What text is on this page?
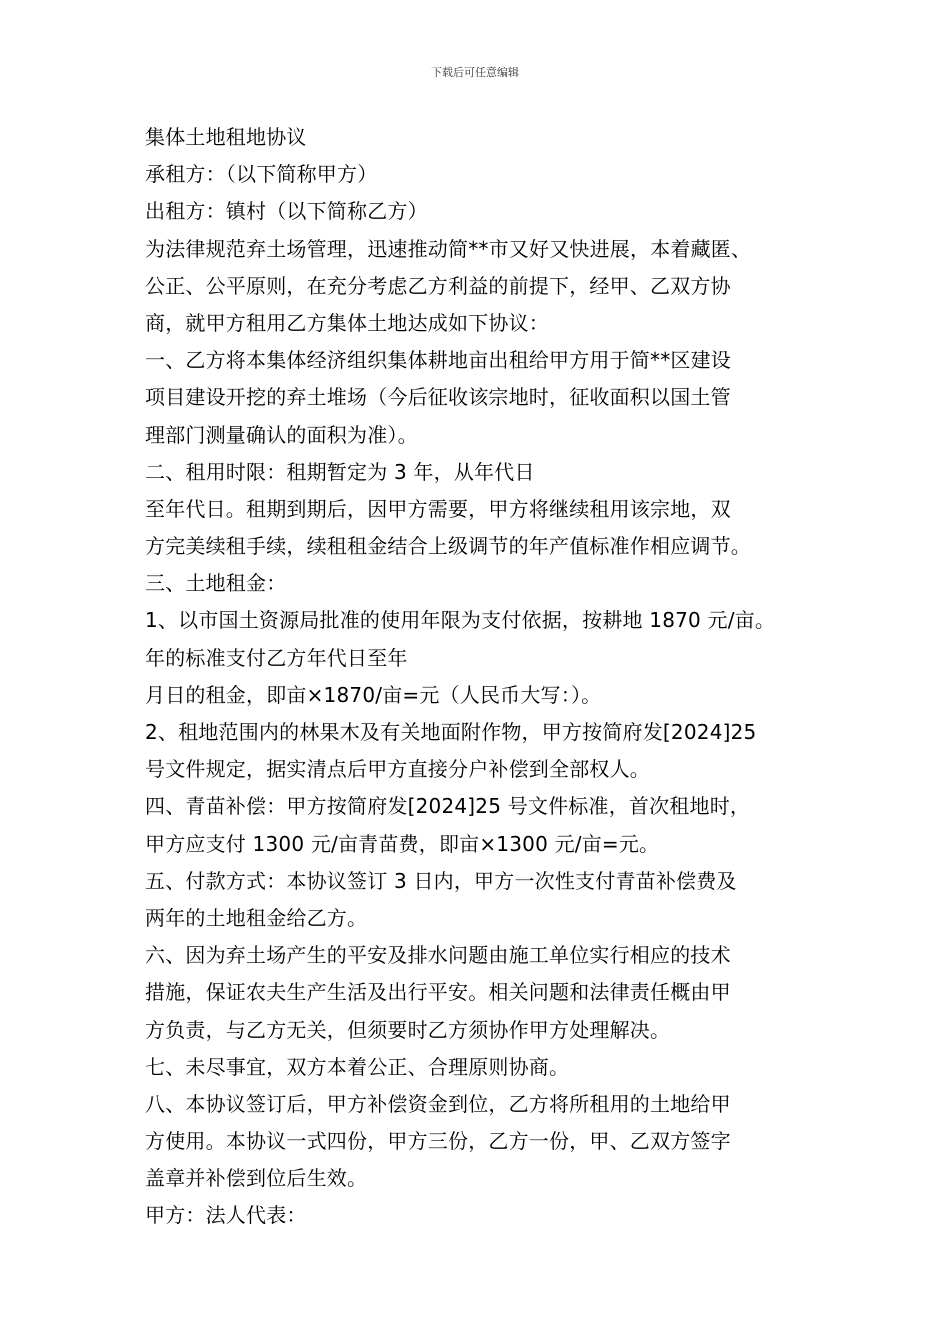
下载后可任意编辑
集体土地租地协议
承租方：（以下简称甲方）
出租方：镇村（以下简称乙方）
为法律规范弃土场管理，迅速推动简**市又好又快进展，本着藏匿、
公正、公平原则，在充分考虑乙方利益的前提下，经甲、乙双方协
商，就甲方租用乙方集体土地达成如下协议：
一、乙方将本集体经济组织集体耕地亩出租给甲方用于简**区建设
项目建设开挖的弃土堆场（今后征收该宗地时，征收面积以国土管
理部门测量确认的面积为准）。
二、租用时限：租期暂定为 3 年，从年代日
至年代日。租期到期后，因甲方需要，甲方将继续租用该宗地，双
方完美续租手续，续租租金结合上级调节的年产值标准作相应调节。
三、土地租金：
1、以市国土资源局批准的使用年限为支付依据，按耕地 1870 元/亩。
年的标准支付乙方年代日至年
月日的租金，即亩×1870/亩=元（人民币大写：）。
2、租地范围内的林果木及有关地面附作物，甲方按简府发[2024]25
号文件规定，据实清点后甲方直接分户补偿到全部权人。
四、青苗补偿：甲方按简府发[2024]25 号文件标准，首次租地时，
甲方应支付 1300 元/亩青苗费，即亩×1300 元/亩=元。
五、付款方式：本协议签订 3 日内，甲方一次性支付青苗补偿费及
两年的土地租金给乙方。
六、因为弃土场产生的平安及排水问题由施工单位实行相应的技术
措施，保证农夫生产生活及出行平安。相关问题和法律责任概由甲
方负责，与乙方无关，但须要时乙方须协作甲方处理解决。
七、未尽事宜，双方本着公正、合理原则协商。
八、本协议签订后，甲方补偿资金到位，乙方将所租用的土地给甲
方使用。本协议一式四份，甲方三份，乙方一份，甲、乙双方签字
盖章并补偿到位后生效。
甲方：法人代表：
